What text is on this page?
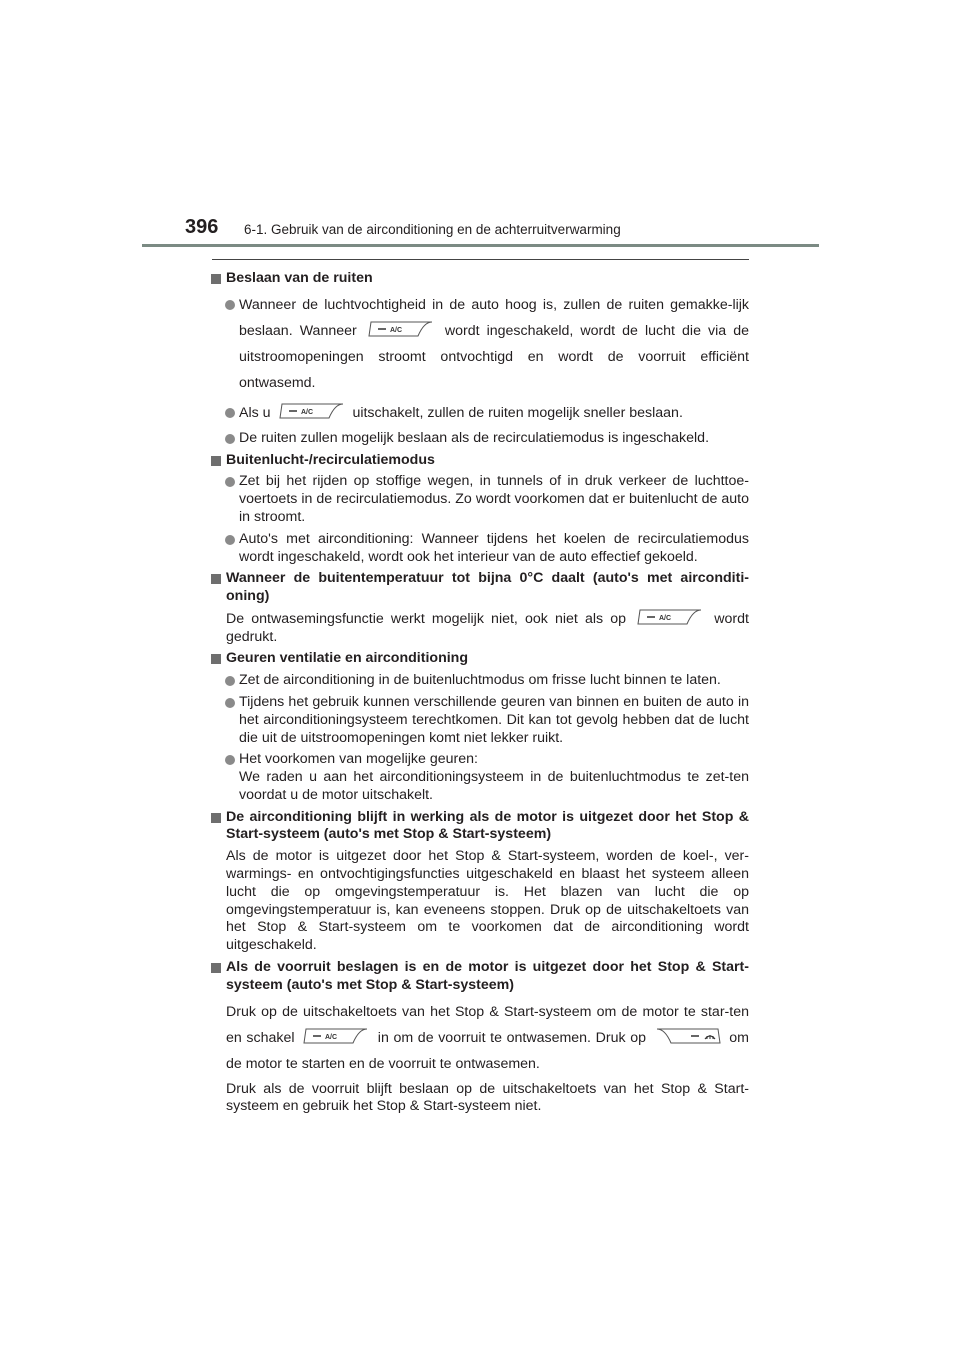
396 6-1. Gebruik van de airconditioning en de achterruitverwarming
Beslaan van de ruiten
Wanneer de luchtvochtigheid in de auto hoog is, zullen de ruiten gemakke-lijk beslaan. Wanneer	A/C	wordt ingeschakeld, wordt de lucht die via de uitstroomopeningen stroomt ontvochtigd en wordt de voorruit efficiënt ontwasemd.
Als u	A/C	uitschakelt, zullen de ruiten mogelijk sneller beslaan.
De ruiten zullen mogelijk beslaan als de recirculatiemodus is ingeschakeld.
Buitenlucht-/recirculatiemodus
Zet bij het rijden op stoffige wegen, in tunnels of in druk verkeer de luchttoe-voertoets in de recirculatiemodus. Zo wordt voorkomen dat er buitenlucht de auto in stroomt.
Auto's met airconditioning: Wanneer tijdens het koelen de recirculatiemodus wordt ingeschakeld, wordt ook het interieur van de auto effectief gekoeld.
Wanneer de buitentemperatuur tot bijna 0°C daalt (auto's met airconditi-oning)
De ontwasemingsfunctie werkt mogelijk niet, ook niet als op	A/C	wordt gedrukt.
Geuren ventilatie en airconditioning
Zet de airconditioning in de buitenluchtmodus om frisse lucht binnen te laten.
Tijdens het gebruik kunnen verschillende geuren van binnen en buiten de auto in het airconditioningsysteem terechtkomen. Dit kan tot gevolg hebben dat de lucht die uit de uitstroomopeningen komt niet lekker ruikt.
Het voorkomen van mogelijke geuren:
We raden u aan het airconditioningsysteem in de buitenluchtmodus te zet-ten voordat u de motor uitschakelt.
De airconditioning blijft in werking als de motor is uitgezet door het Stop & Start-systeem (auto's met Stop & Start-systeem)
Als de motor is uitgezet door het Stop & Start-systeem, worden de koel-, ver-warmings- en ontvochtigingsfuncties uitgeschakeld en blaast het systeem alleen lucht die op omgevingstemperatuur is. Het blazen van lucht die op omgevingstemperatuur is, kan eveneens stoppen. Druk op de uitschakeltoets van het Stop & Start-systeem om te voorkomen dat de airconditioning wordt uitgeschakeld.
Als de voorruit beslagen is en de motor is uitgezet door het Stop & Start-systeem (auto's met Stop & Start-systeem)
Druk op de uitschakeltoets van het Stop & Start-systeem om de motor te star-ten en schakel	A/C	in om de voorruit te ontwasemen. Druk op	om de motor te starten en de voorruit te ontwasemen.
Druk als de voorruit blijft beslaan op de uitschakeltoets van het Stop & Start-systeem en gebruik het Stop & Start-systeem niet.
